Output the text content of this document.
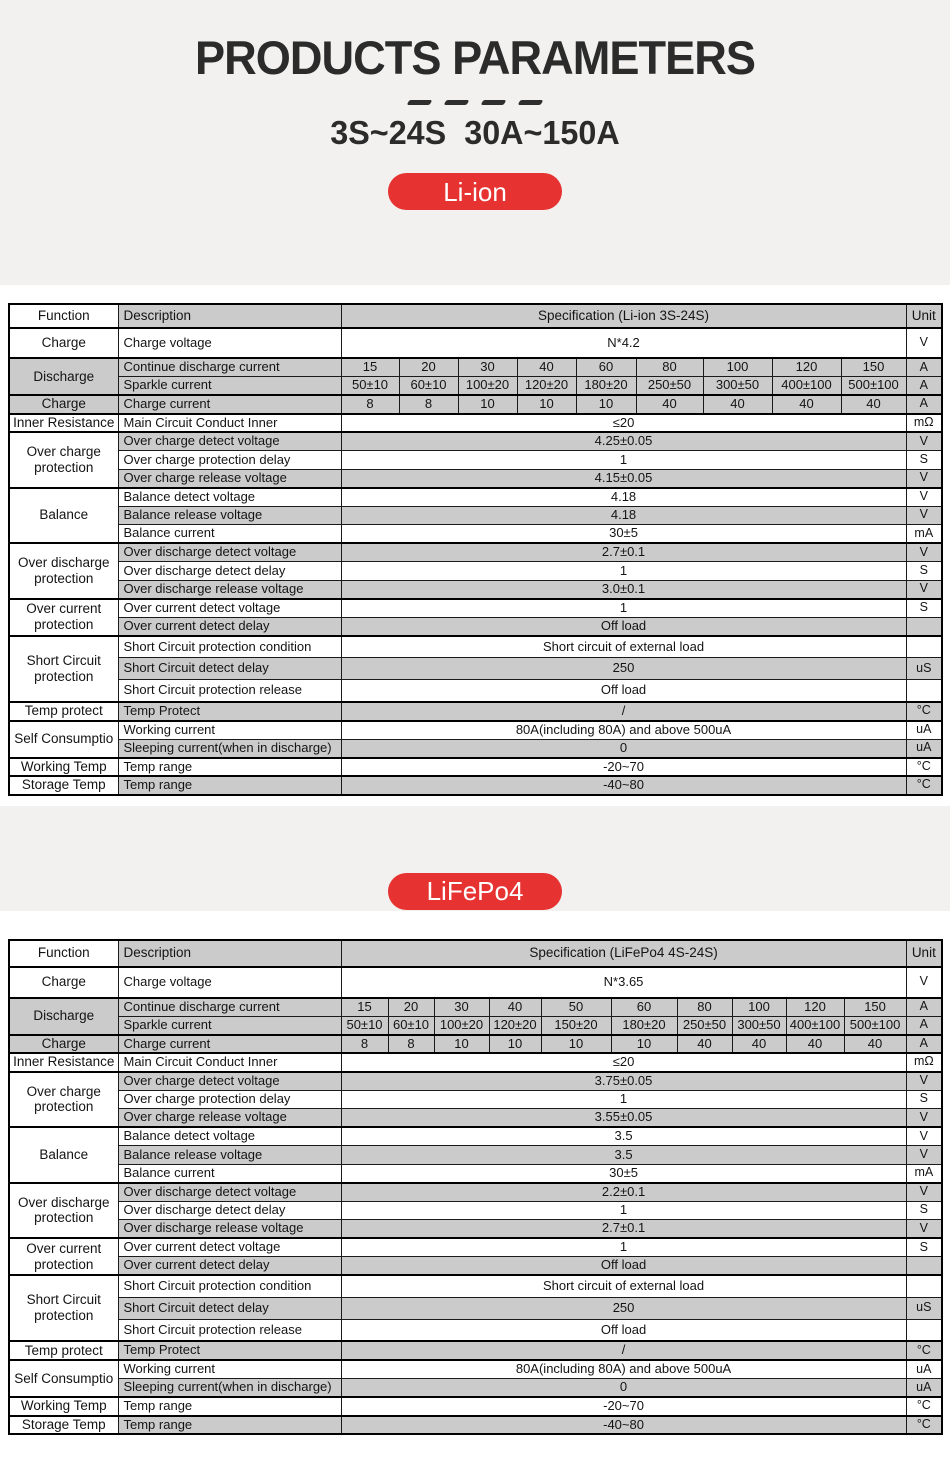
PRODUCTS PARAMETERS
3S~24S  30A~150A
Li-ion
Function	Description	Specification (Li-ion 3S-24S)									Unit
Charge	Charge voltage	N*4.2									V
Discharge	Continue discharge current	15	20	30	40	60	80	100	120	150	A
	Sparkle current	50±10	60±10	100±20	120±20	180±20	250±50	300±50	400±100	500±100	A
Charge	Charge current	8	8	10	10	10	40	40	40	40	A
Inner Resistance	Main Circuit Conduct Inner	≤20									mΩ
Over charge protection	Over charge detect voltage	4.25±0.05									V
	Over charge protection delay	1									S
	Over charge release voltage	4.15±0.05									V
Balance	Balance detect voltage	4.18									V
	Balance release voltage	4.18									V
	Balance current	30±5									mA
Over discharge protection	Over discharge detect voltage	2.7±0.1									V
	Over discharge detect delay	1									S
	Over discharge release voltage	3.0±0.1									V
Over current protection	Over current detect voltage	1									S
	Over current detect delay	Off load									
Short Circuit protection	Short Circuit protection condition	Short circuit of external load									
	Short Circuit detect delay	250									uS
	Short Circuit protection release	Off load									
Temp protect	Temp Protect	/									°C
Self Consumptio	Working current	80A(including 80A) and above 500uA									uA
	Sleeping current(when in discharge)	0									uA
Working Temp	Temp range	-20~70									°C
Storage Temp	Temp range	-40~80									°C
LiFePo4
Function	Description	Specification (LiFePo4 4S-24S)										Unit
Charge	Charge voltage	N*3.65										V
Discharge	Continue discharge current	15	20	30	40	50	60	80	100	120	150	A
	Sparkle current	50±10	60±10	100±20	120±20	150±20	180±20	250±50	300±50	400±100	500±100	A
Charge	Charge current	8	8	10	10	10	10	40	40	40	40	A
Inner Resistance	Main Circuit Conduct Inner	≤20										mΩ
Over charge protection	Over charge detect voltage	3.75±0.05										V
	Over charge protection delay	1										S
	Over charge release voltage	3.55±0.05										V
Balance	Balance detect voltage	3.5										V
	Balance release voltage	3.5										V
	Balance current	30±5										mA
Over discharge protection	Over discharge detect voltage	2.2±0.1										V
	Over discharge detect delay	1										S
	Over discharge release voltage	2.7±0.1										V
Over current protection	Over current detect voltage	1										S
	Over current detect delay	Off load										
Short Circuit protection	Short Circuit protection condition	Short circuit of external load										
	Short Circuit detect delay	250										uS
	Short Circuit protection release	Off load										
Temp protect	Temp Protect	/										°C
Self Consumptio	Working current	80A(including 80A) and above 500uA										uA
	Sleeping current(when in discharge)	0										uA
Working Temp	Temp range	-20~70										°C
Storage Temp	Temp range	-40~80										°C
